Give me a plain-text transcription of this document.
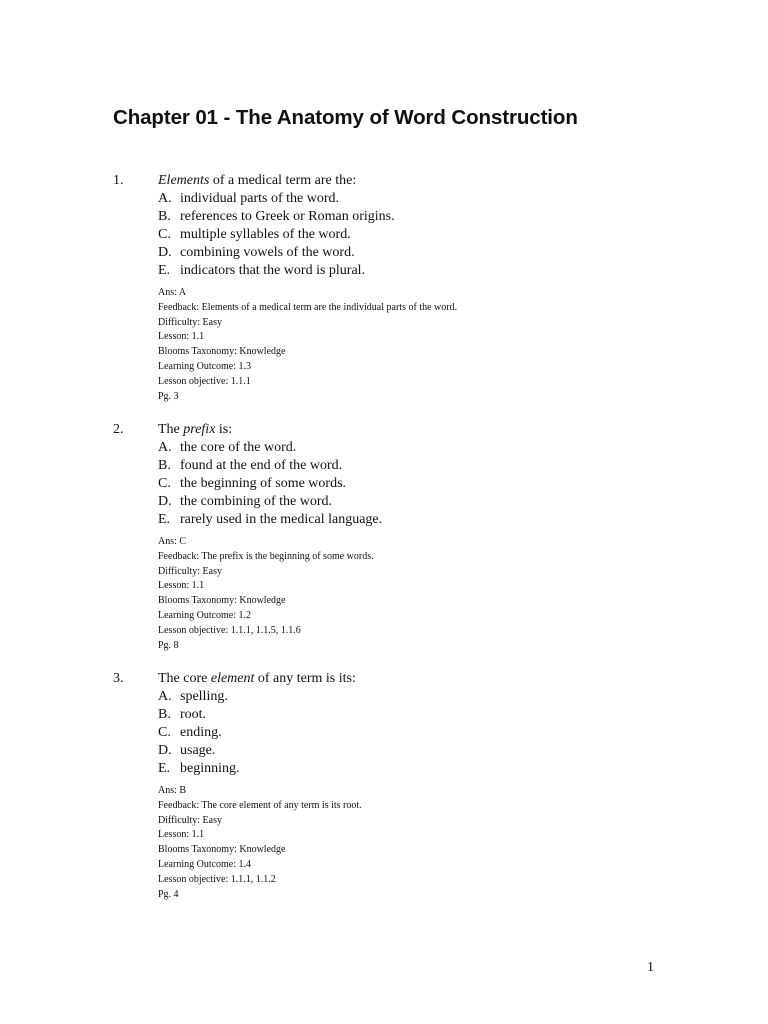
Chapter 01 - The Anatomy of Word Construction
1. Elements of a medical term are the:
A. individual parts of the word.
B. references to Greek or Roman origins.
C. multiple syllables of the word.
D. combining vowels of the word.
E. indicators that the word is plural.
Ans: A
Feedback: Elements of a medical term are the individual parts of the word.
Difficulty: Easy
Lesson: 1.1
Blooms Taxonomy: Knowledge
Learning Outcome: 1.3
Lesson objective: 1.1.1
Pg. 3
2. The prefix is:
A. the core of the word.
B. found at the end of the word.
C. the beginning of some words.
D. the combining of the word.
E. rarely used in the medical language.
Ans: C
Feedback: The prefix is the beginning of some words.
Difficulty: Easy
Lesson: 1.1
Blooms Taxonomy: Knowledge
Learning Outcome: 1.2
Lesson objective: 1.1.1, 1.1.5, 1.1.6
Pg. 8
3. The core element of any term is its:
A. spelling.
B. root.
C. ending.
D. usage.
E. beginning.
Ans: B
Feedback: The core element of any term is its root.
Difficulty: Easy
Lesson: 1.1
Blooms Taxonomy: Knowledge
Learning Outcome: 1.4
Lesson objective: 1.1.1, 1.1.2
Pg. 4
1
